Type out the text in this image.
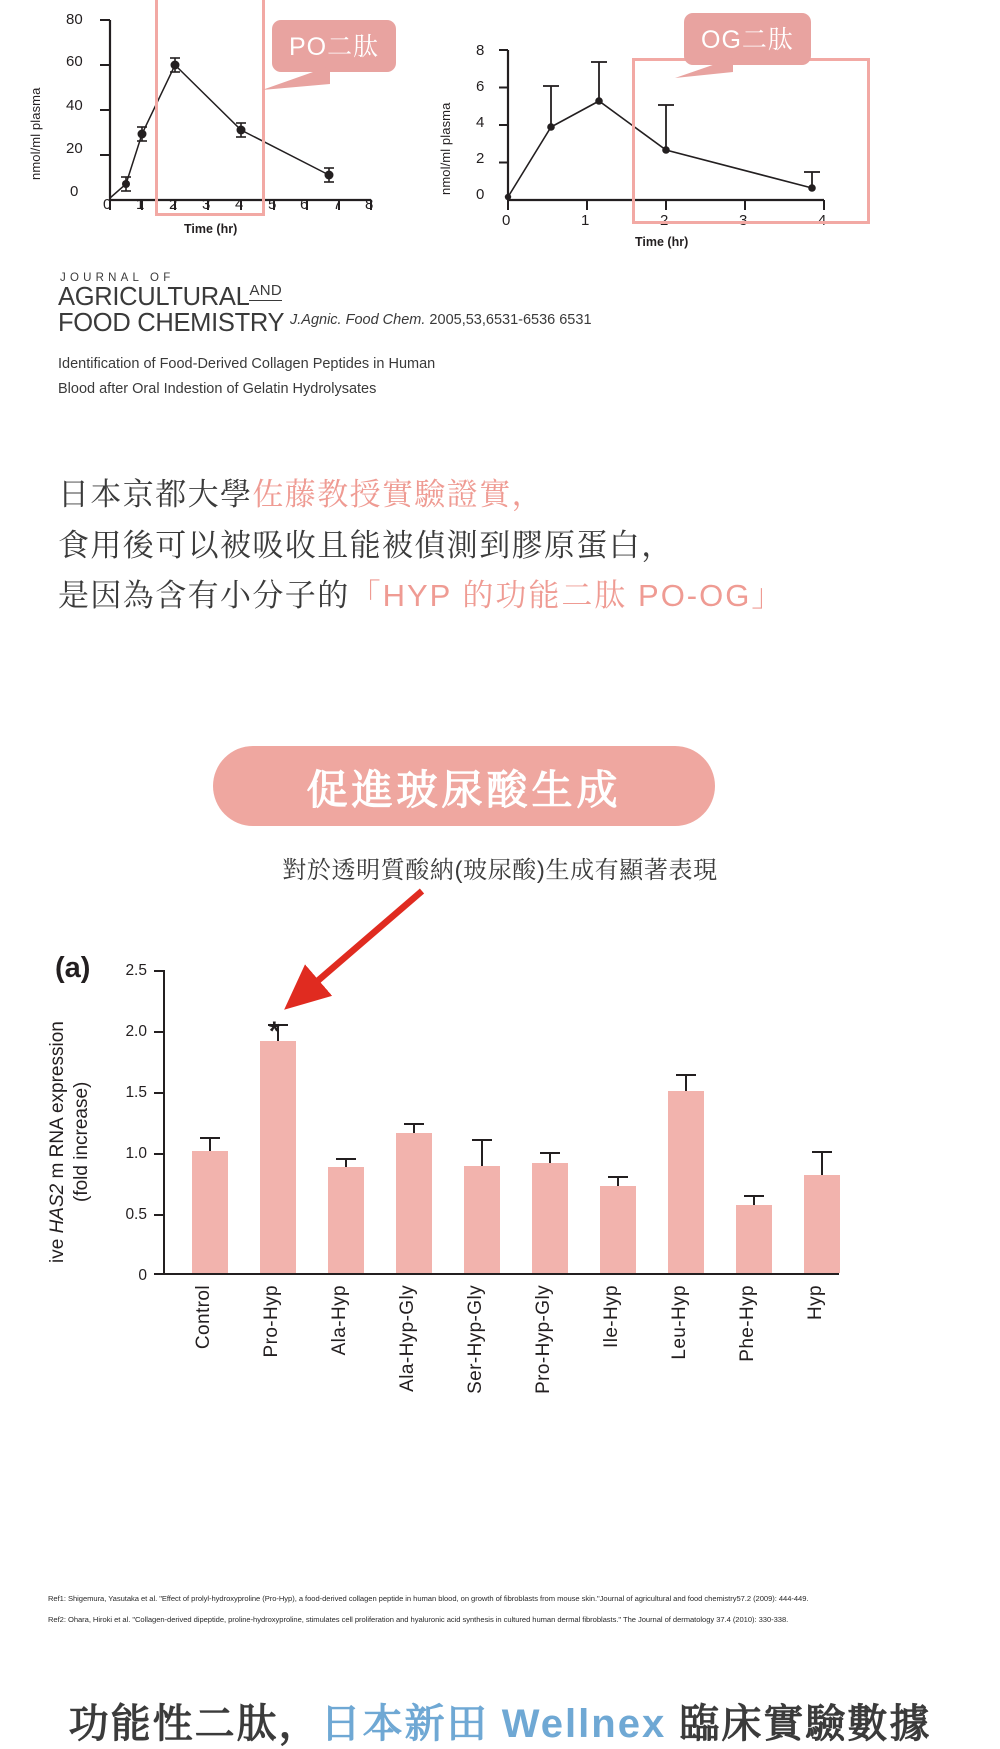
nmol/ml plasma
80
60
40
20
0
0 1 2 3 4 5 6 7 8
Time (hr)
PO二肽
nmol/ml plasma
8
6
4
2
0
0	1	2	3	4
Time (hr)
OG二肽
JOURNAL OF
$AGRICULTURAL^{AND}$
FOOD CHEMISTRY J.Agnic. Food Chem. 2005,53,6531-6536 6531
Identification of Food-Derived Collagen Peptides in Human
Blood after Oral Indestion of Gelatin Hydrolysates
日本京都大學佐藤教授實驗證實，
食用後可以被吸收且能被偵測到膠原蛋白，
是因為含有小分子的「HYP 的功能二肽 PO-OG」
促進玻尿酸生成
對於透明質酸納(玻尿酸)生成有顯著表現
(a)
ive HAS2 m RNA expression (fold increase)
2.5
2.0
1.5
1.0
0.5
0
*
Control Pro-Hyp Ala-Hyp Ala-Hyp-Gly Ser-Hyp-Gly Pro-Hyp-Gly Ile-Hyp Leu-Hyp Phe-Hyp Hyp
Ref1: Shigemura, Yasutaka et al. "Effect of prolyl-hydroxyproline (Pro-Hyp), a food-derived collagen peptide in human blood, on growth of fibroblasts from mouse skin."Journal of agricultural and food chemistry57.2 (2009): 444-449.
Ref2: Ohara, Hiroki et al. "Collagen-derived dipeptide, proline-hydroxyproline, stimulates cell proliferation and hyaluronic acid synthesis in cultured human dermal fibroblasts." The Journal of dermatology 37.4 (2010): 330-338.
功能性二肽，日本新田 Wellnex 臨床實驗數據
